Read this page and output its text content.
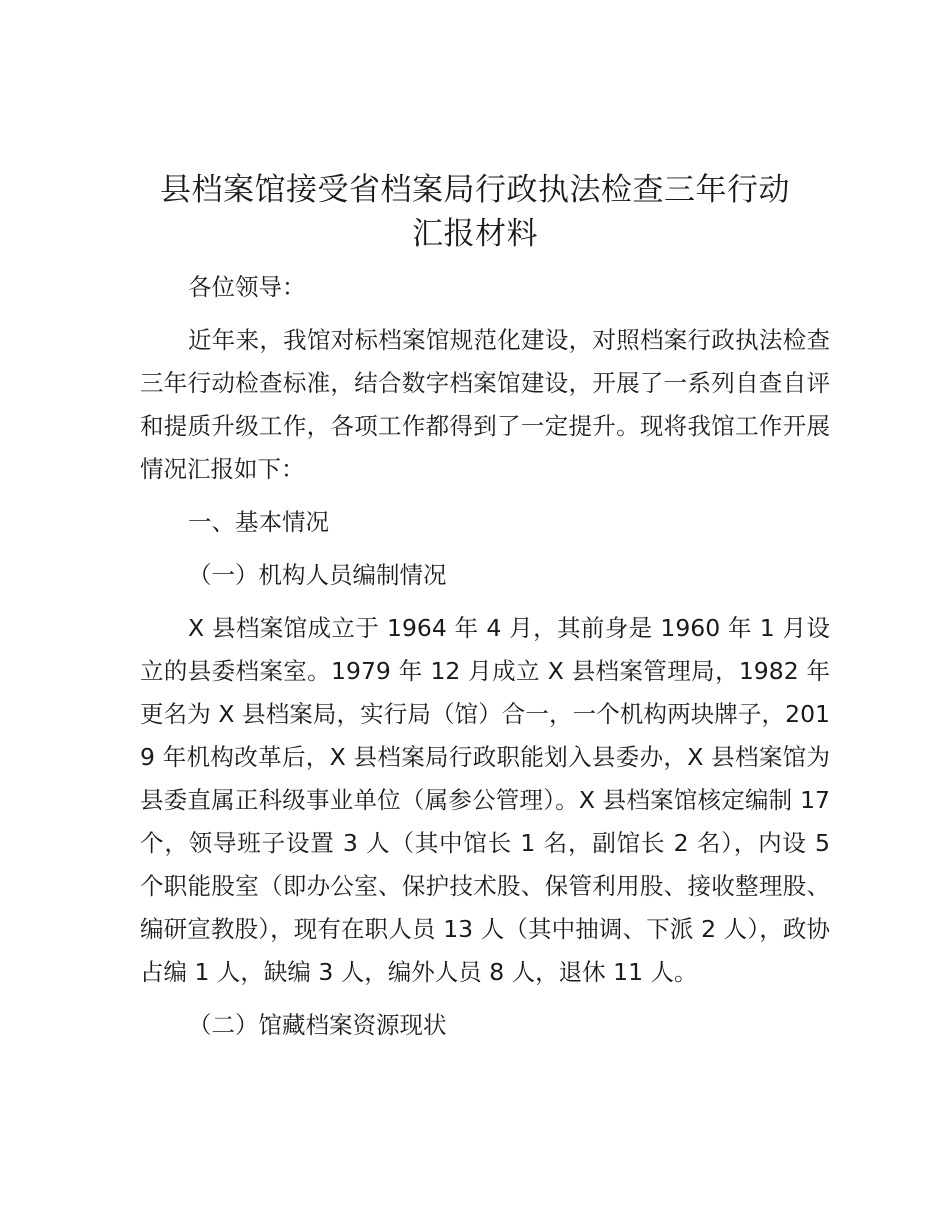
县档案馆接受省档案局行政执法检查三年行动
汇报材料

各位领导：

近年来，我馆对标档案馆规范化建设，对照档案行政执法检查三年行动检查标准，结合数字档案馆建设，开展了一系列自查自评和提质升级工作，各项工作都得到了一定提升。现将我馆工作开展情况汇报如下：

一、基本情况

（一）机构人员编制情况

X 县档案馆成立于 1964 年 4 月，其前身是 1960 年 1 月设立的县委档案室。1979 年 12 月成立 X 县档案管理局，1982 年更名为 X 县档案局，实行局（馆）合一，一个机构两块牌子，2019 年机构改革后，X 县档案局行政职能划入县委办，X 县档案馆为县委直属正科级事业单位（属参公管理）。X 县档案馆核定编制 17 个，领导班子设置 3 人（其中馆长 1 名，副馆长 2 名），内设 5 个职能股室（即办公室、保护技术股、保管利用股、接收整理股、编研宣教股），现有在职人员 13 人（其中抽调、下派 2 人），政协占编 1 人，缺编 3 人，编外人员 8 人，退休 11 人。

（二）馆藏档案资源现状
